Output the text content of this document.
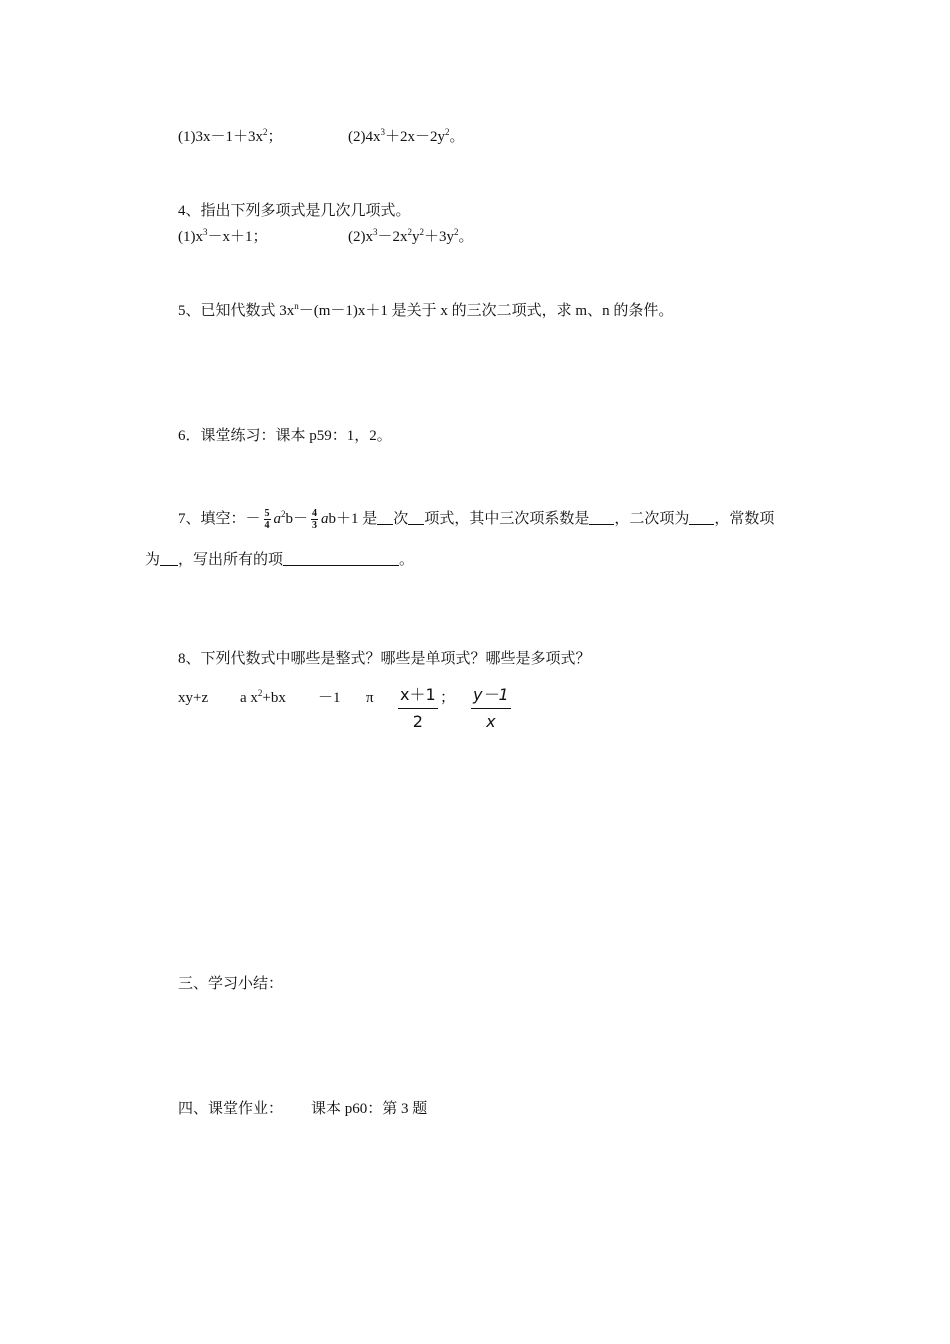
$(1)3x-1+3x^2$；	$(2)4x^3+2x-2y^2$。
4、指出下列多项式是几次几项式。
$(1)x^3-x+1$；	$(2)x^3-2x^2y^2+3y^2$。
5、已知代数式 $3x^n-(m-1)x+1$ 是关于 x 的三次二项式，求 m、n 的条件。
6．课堂练习：课本 p59：1，2。
7、填空：－ $\frac{5}{4} a^2b- \frac{4}{3} ab+1$ 是 次 项式，其中三次项系数是 ，二次项为 ，常数项
为 ，写出所有的项	。
8、下列代数式中哪些是整式？哪些是单项式？哪些是多项式？
xy+z a $x^2+bx -1$ π $\frac{x+1}{2}$ ； $\frac{y-1}{x}$
三、学习小结：
四、课堂作业： 课本 p60：第 3 题
